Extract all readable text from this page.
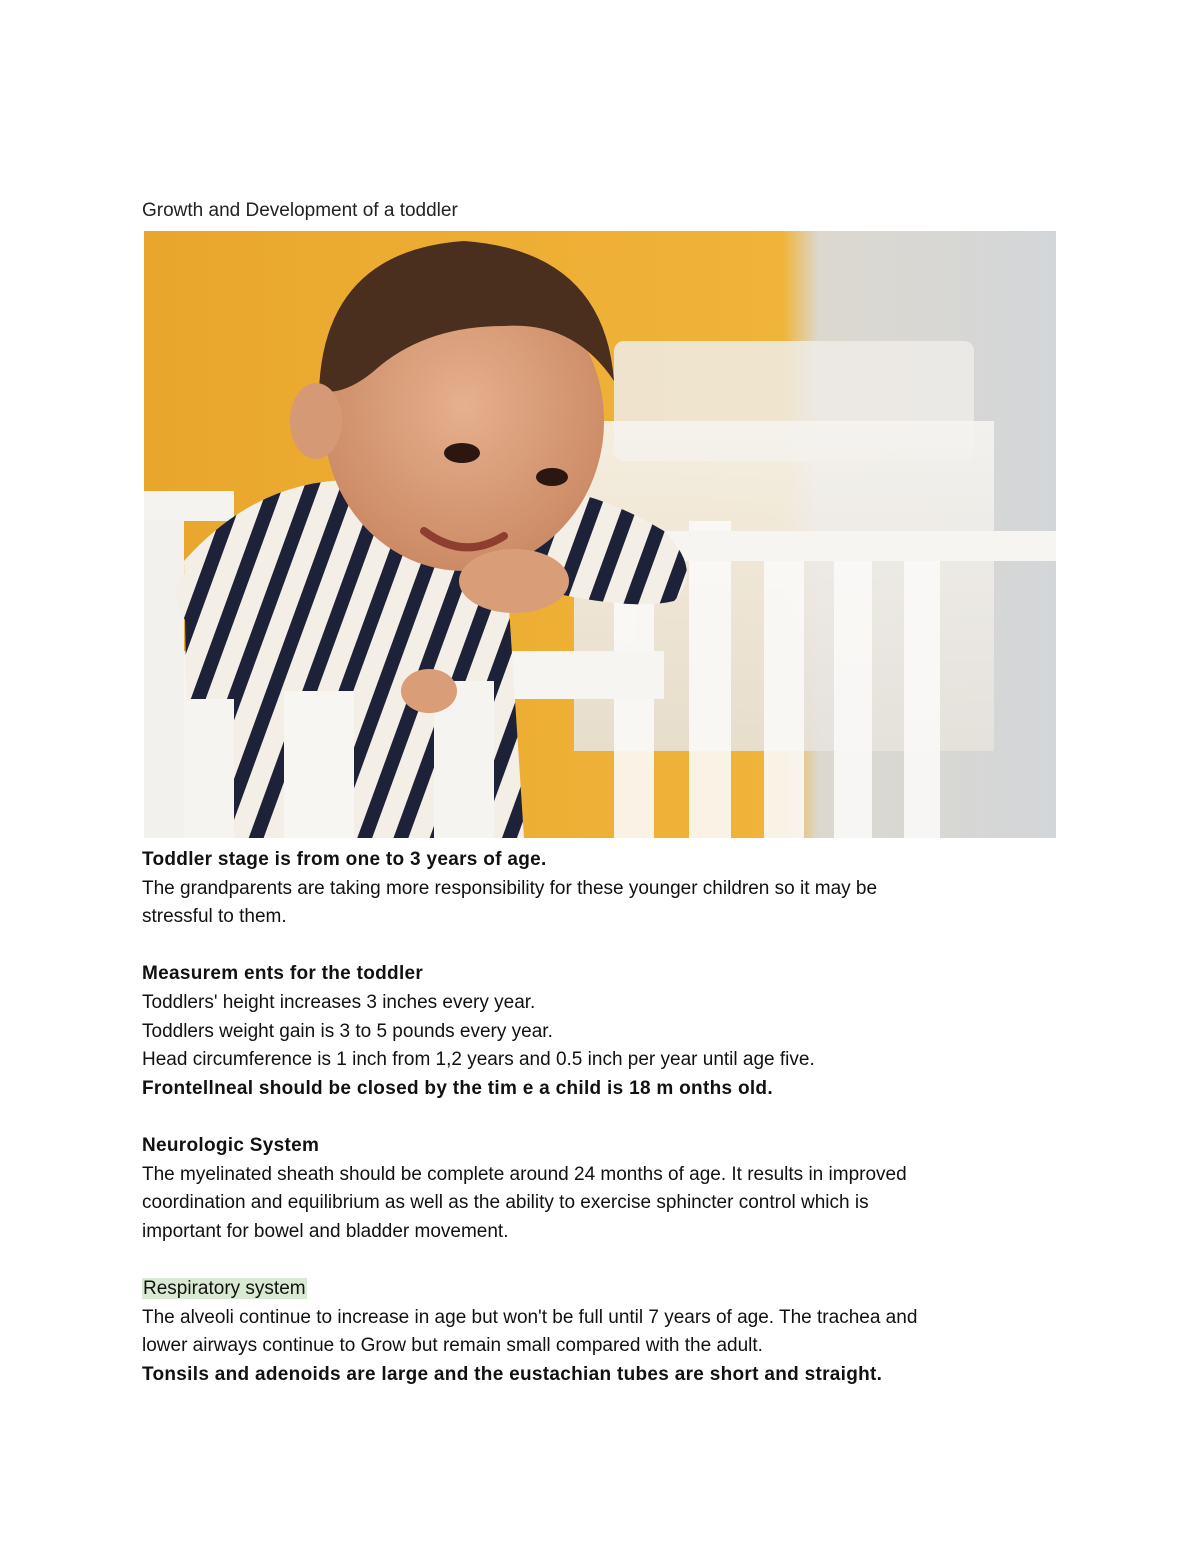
Growth and Development of a toddler

Toddler stage is from one to 3 years of age.

The grandparents are taking more responsibility for these younger children so it may be

stressful to them.

Measurem ents for the toddler

Toddlers' height increases 3 inches every year.

Toddlers weight gain is 3 to 5 pounds every year.

Head circumference is 1 inch from 1,2 years and 0.5 inch per year until age five.

Frontellneal should be closed by the tim e a child is 18 m onths old.

Neurologic System

The myelinated sheath should be complete around 24 months of age. It results in improved

coordination and equilibrium as well as the ability to exercise sphincter control which is

important for bowel and bladder movement.

Respiratory system

The alveoli continue to increase in age but won't be full until 7 years of age. The trachea and

lower airways continue to Grow but remain small compared with the adult.

Tonsils and adenoids are large and the eustachian tubes are short and straight.
